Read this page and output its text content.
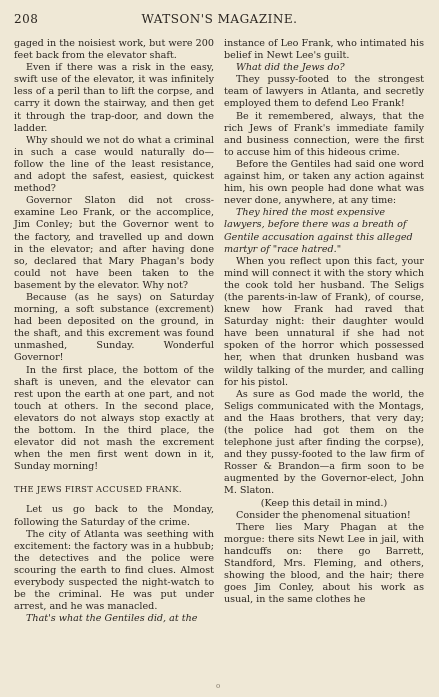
208	WATSON'S MAGAZINE.

gaged in the noisiest work, but were 200 feet back from the elevator shaft.

Even if there was a risk in the easy, swift use of the elevator, it was infinitely less of a peril than to lift the corpse, and carry it down the stairway, and then get it through the trap-door, and down the ladder.

Why should we not do what a criminal in such a case would naturally do—follow the line of the least resistance, and adopt the safest, easiest, quickest method?

Governor Slaton did not cross-examine Leo Frank, or the accomplice, Jim Conley; but the Governor went to the factory, and travelled up and down in the elevator; and after having done so, declared that Mary Phagan's body could not have been taken to the basement by the elevator. Why not?

Because (as he says) on Saturday morning, a soft substance (excrement) had been deposited on the ground, in the shaft, and this excrement was found unmashed, Sunday. Wonderful Governor!

In the first place, the bottom of the shaft is uneven, and the elevator can rest upon the earth at one part, and not touch at others. In the second place, elevators do not always stop exactly at the bottom. In the third place, the elevator did not mash the excrement when the men first went down in it, Sunday morning!

THE JEWS FIRST ACCUSED FRANK.

Let us go back to the Monday, following the Saturday of the crime.

The city of Atlanta was seething with excitement: the factory was in a hubbub; the detectives and the police were scouring the earth to find clues. Almost everybody suspected the night-watch to be the criminal. He was put under arrest, and he was manacled.

That's what the Gentiles did, at the

instance of Leo Frank, who intimated his belief in Newt Lee's guilt.

What did the Jews do?

They pussy-footed to the strongest team of lawyers in Atlanta, and secretly employed them to defend Leo Frank!

Be it remembered, always, that the rich Jews of Frank's immediate family and business connection, were the first to accuse him of this hideous crime.

Before the Gentiles had said one word against him, or taken any action against him, his own people had done what was never done, anywhere, at any time:

They hired the most expensive lawyers, before there was a breath of Gentile accusation against this alleged martyr of "race hatred."

When you reflect upon this fact, your mind will connect it with the story which the cook told her husband. The Seligs (the parents-in-law of Frank), of course, knew how Frank had raved that Saturday night: their daughter would have been unnatural if she had not spoken of the horror which possessed her, when that drunken husband was wildly talking of the murder, and calling for his pistol.

As sure as God made the world, the Seligs communicated with the Montags, and the Haas brothers, that very day; (the police had got them on the telephone just after finding the corpse), and they pussy-footed to the law firm of Rosser & Brandon—a firm soon to be augmented by the Governor-elect, John M. Slaton.

(Keep this detail in mind.)

Consider the phenomenal situation!

There lies Mary Phagan at the morgue: there sits Newt Lee in jail, with handcuffs on: there go Barrett, Standford, Mrs. Fleming, and others, showing the blood, and the hair; there goes Jim Conley, about his work as usual, in the same clothes he

o
